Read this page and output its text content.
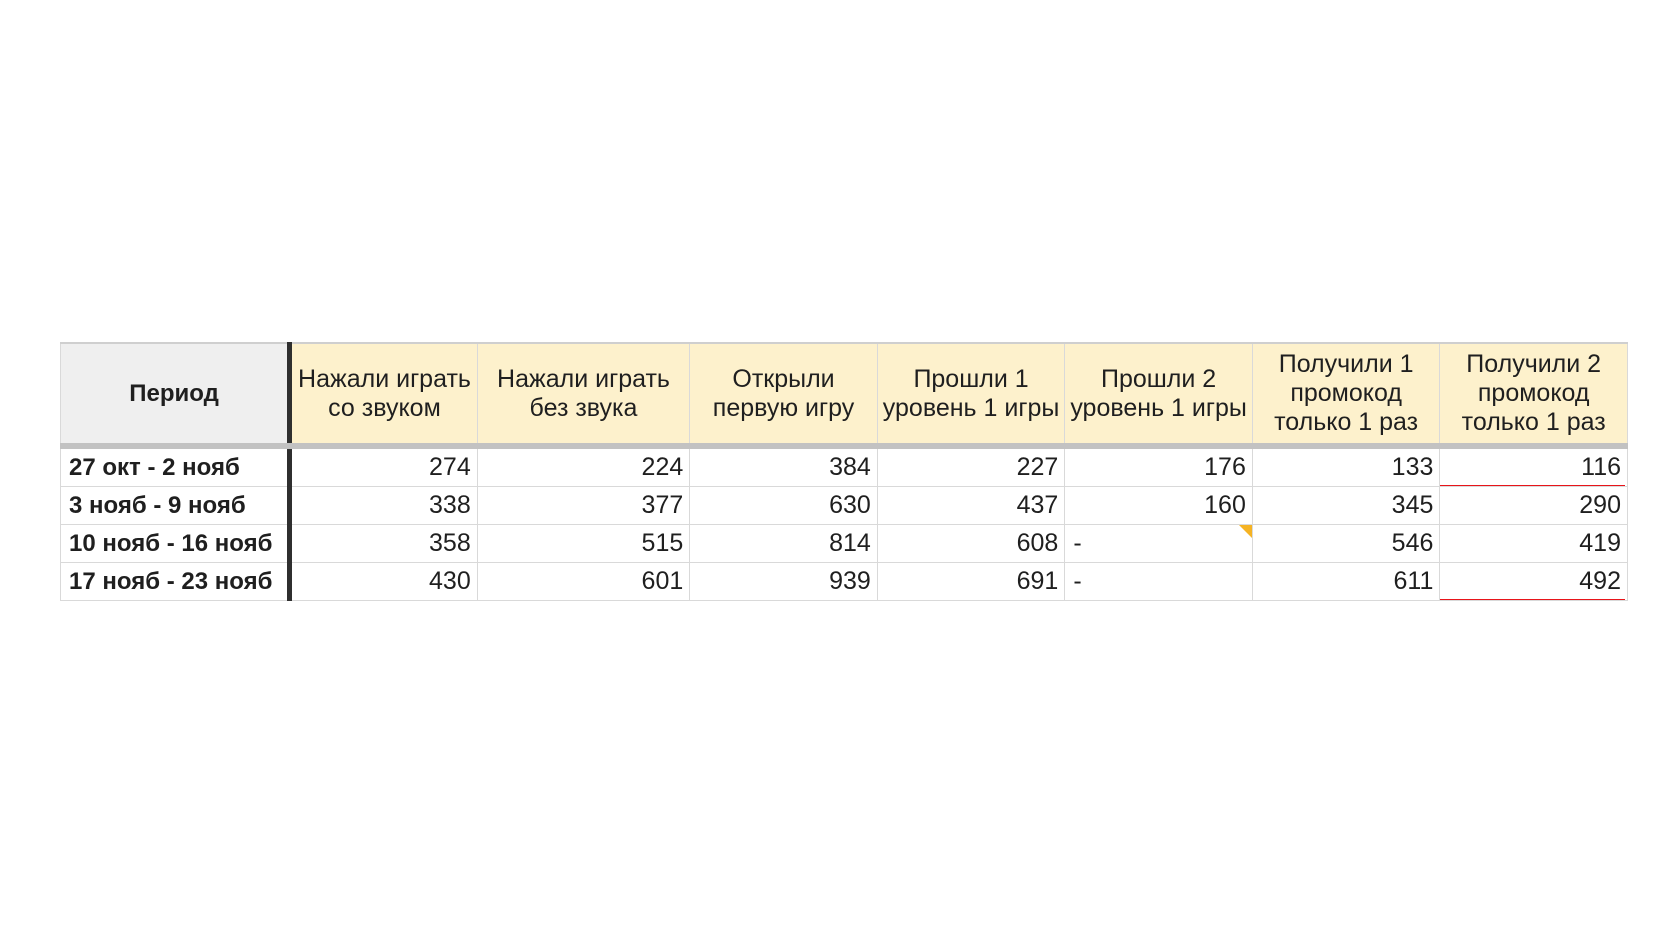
Период	Нажали играть со звуком	Нажали играть без звука	Открыли первую игру	Прошли 1 уровень 1 игры	Прошли 2 уровень 1 игры	Получили 1 промокод только 1 раз	Получили 2 промокод только 1 раз
27 окт - 2 нояб	274	224	384	227	176	133	116

3 нояб - 9 нояб	338	377	630	437	160	345	290
10 нояб - 16 нояб	358	515	814	608	-	546	419
17 нояб - 23 нояб	430	601	939	691	-	611	492
